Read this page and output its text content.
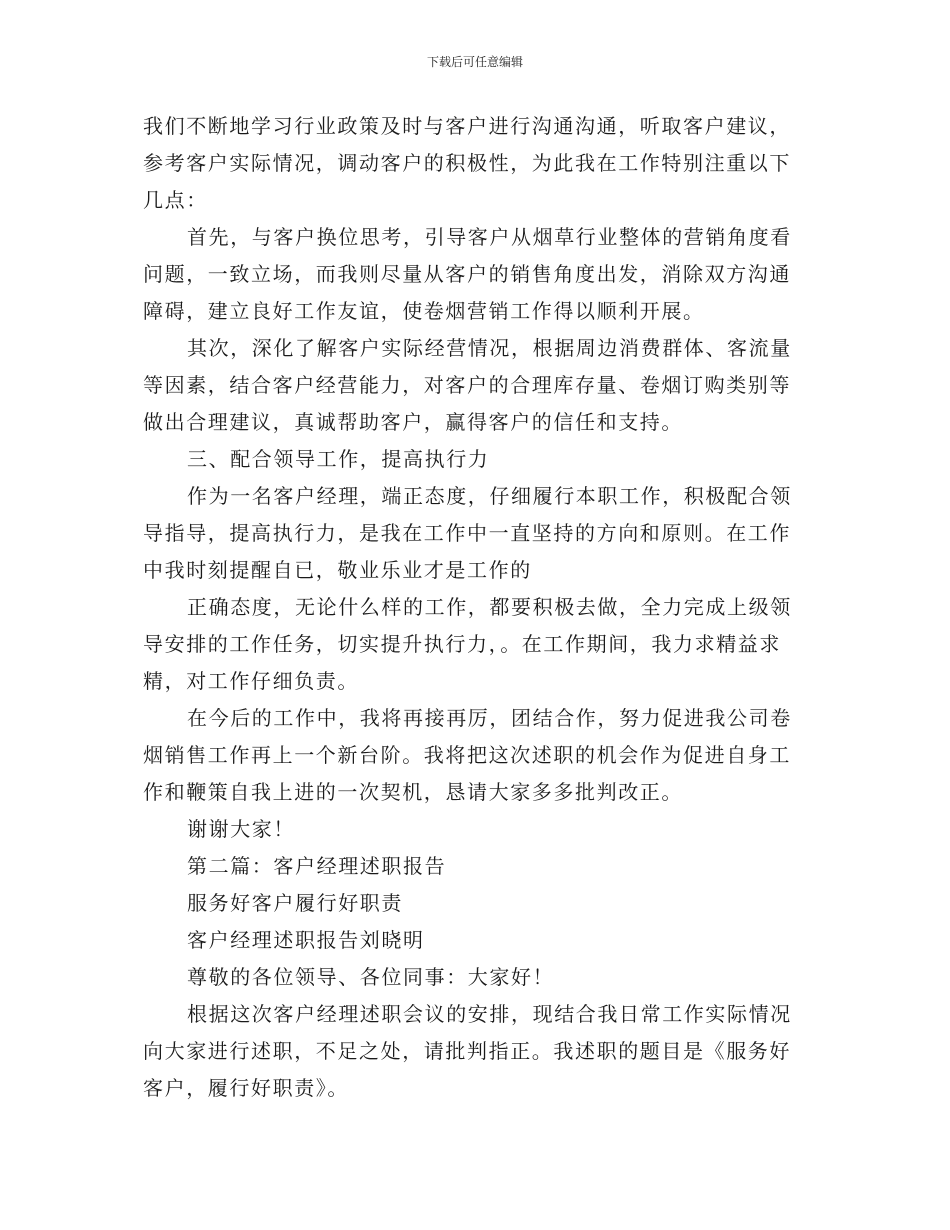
下载后可任意编辑

我们不断地学习行业政策及时与客户进行沟通沟通，听取客户建议，参考客户实际情况，调动客户的积极性，为此我在工作特别注重以下几点：

首先，与客户换位思考，引导客户从烟草行业整体的营销角度看问题，一致立场，而我则尽量从客户的销售角度出发，消除双方沟通障碍，建立良好工作友谊，使卷烟营销工作得以顺利开展。

其次，深化了解客户实际经营情况，根据周边消费群体、客流量等因素，结合客户经营能力，对客户的合理库存量、卷烟订购类别等做出合理建议，真诚帮助客户，赢得客户的信任和支持。

三、配合领导工作，提高执行力

作为一名客户经理，端正态度，仔细履行本职工作，积极配合领导指导，提高执行力，是我在工作中一直坚持的方向和原则。在工作中我时刻提醒自已，敬业乐业才是工作的

正确态度，无论什么样的工作，都要积极去做，全力完成上级领导安排的工作任务，切实提升执行力，。在工作期间，我力求精益求精，对工作仔细负责。

在今后的工作中，我将再接再厉，团结合作，努力促进我公司卷烟销售工作再上一个新台阶。我将把这次述职的机会作为促进自身工作和鞭策自我上进的一次契机，恳请大家多多批判改正。

谢谢大家！

第二篇：客户经理述职报告

服务好客户履行好职责

客户经理述职报告刘晓明

尊敬的各位领导、各位同事：大家好！

根据这次客户经理述职会议的安排，现结合我日常工作实际情况向大家进行述职，不足之处，请批判指正。我述职的题目是《服务好客户，履行好职责》。
